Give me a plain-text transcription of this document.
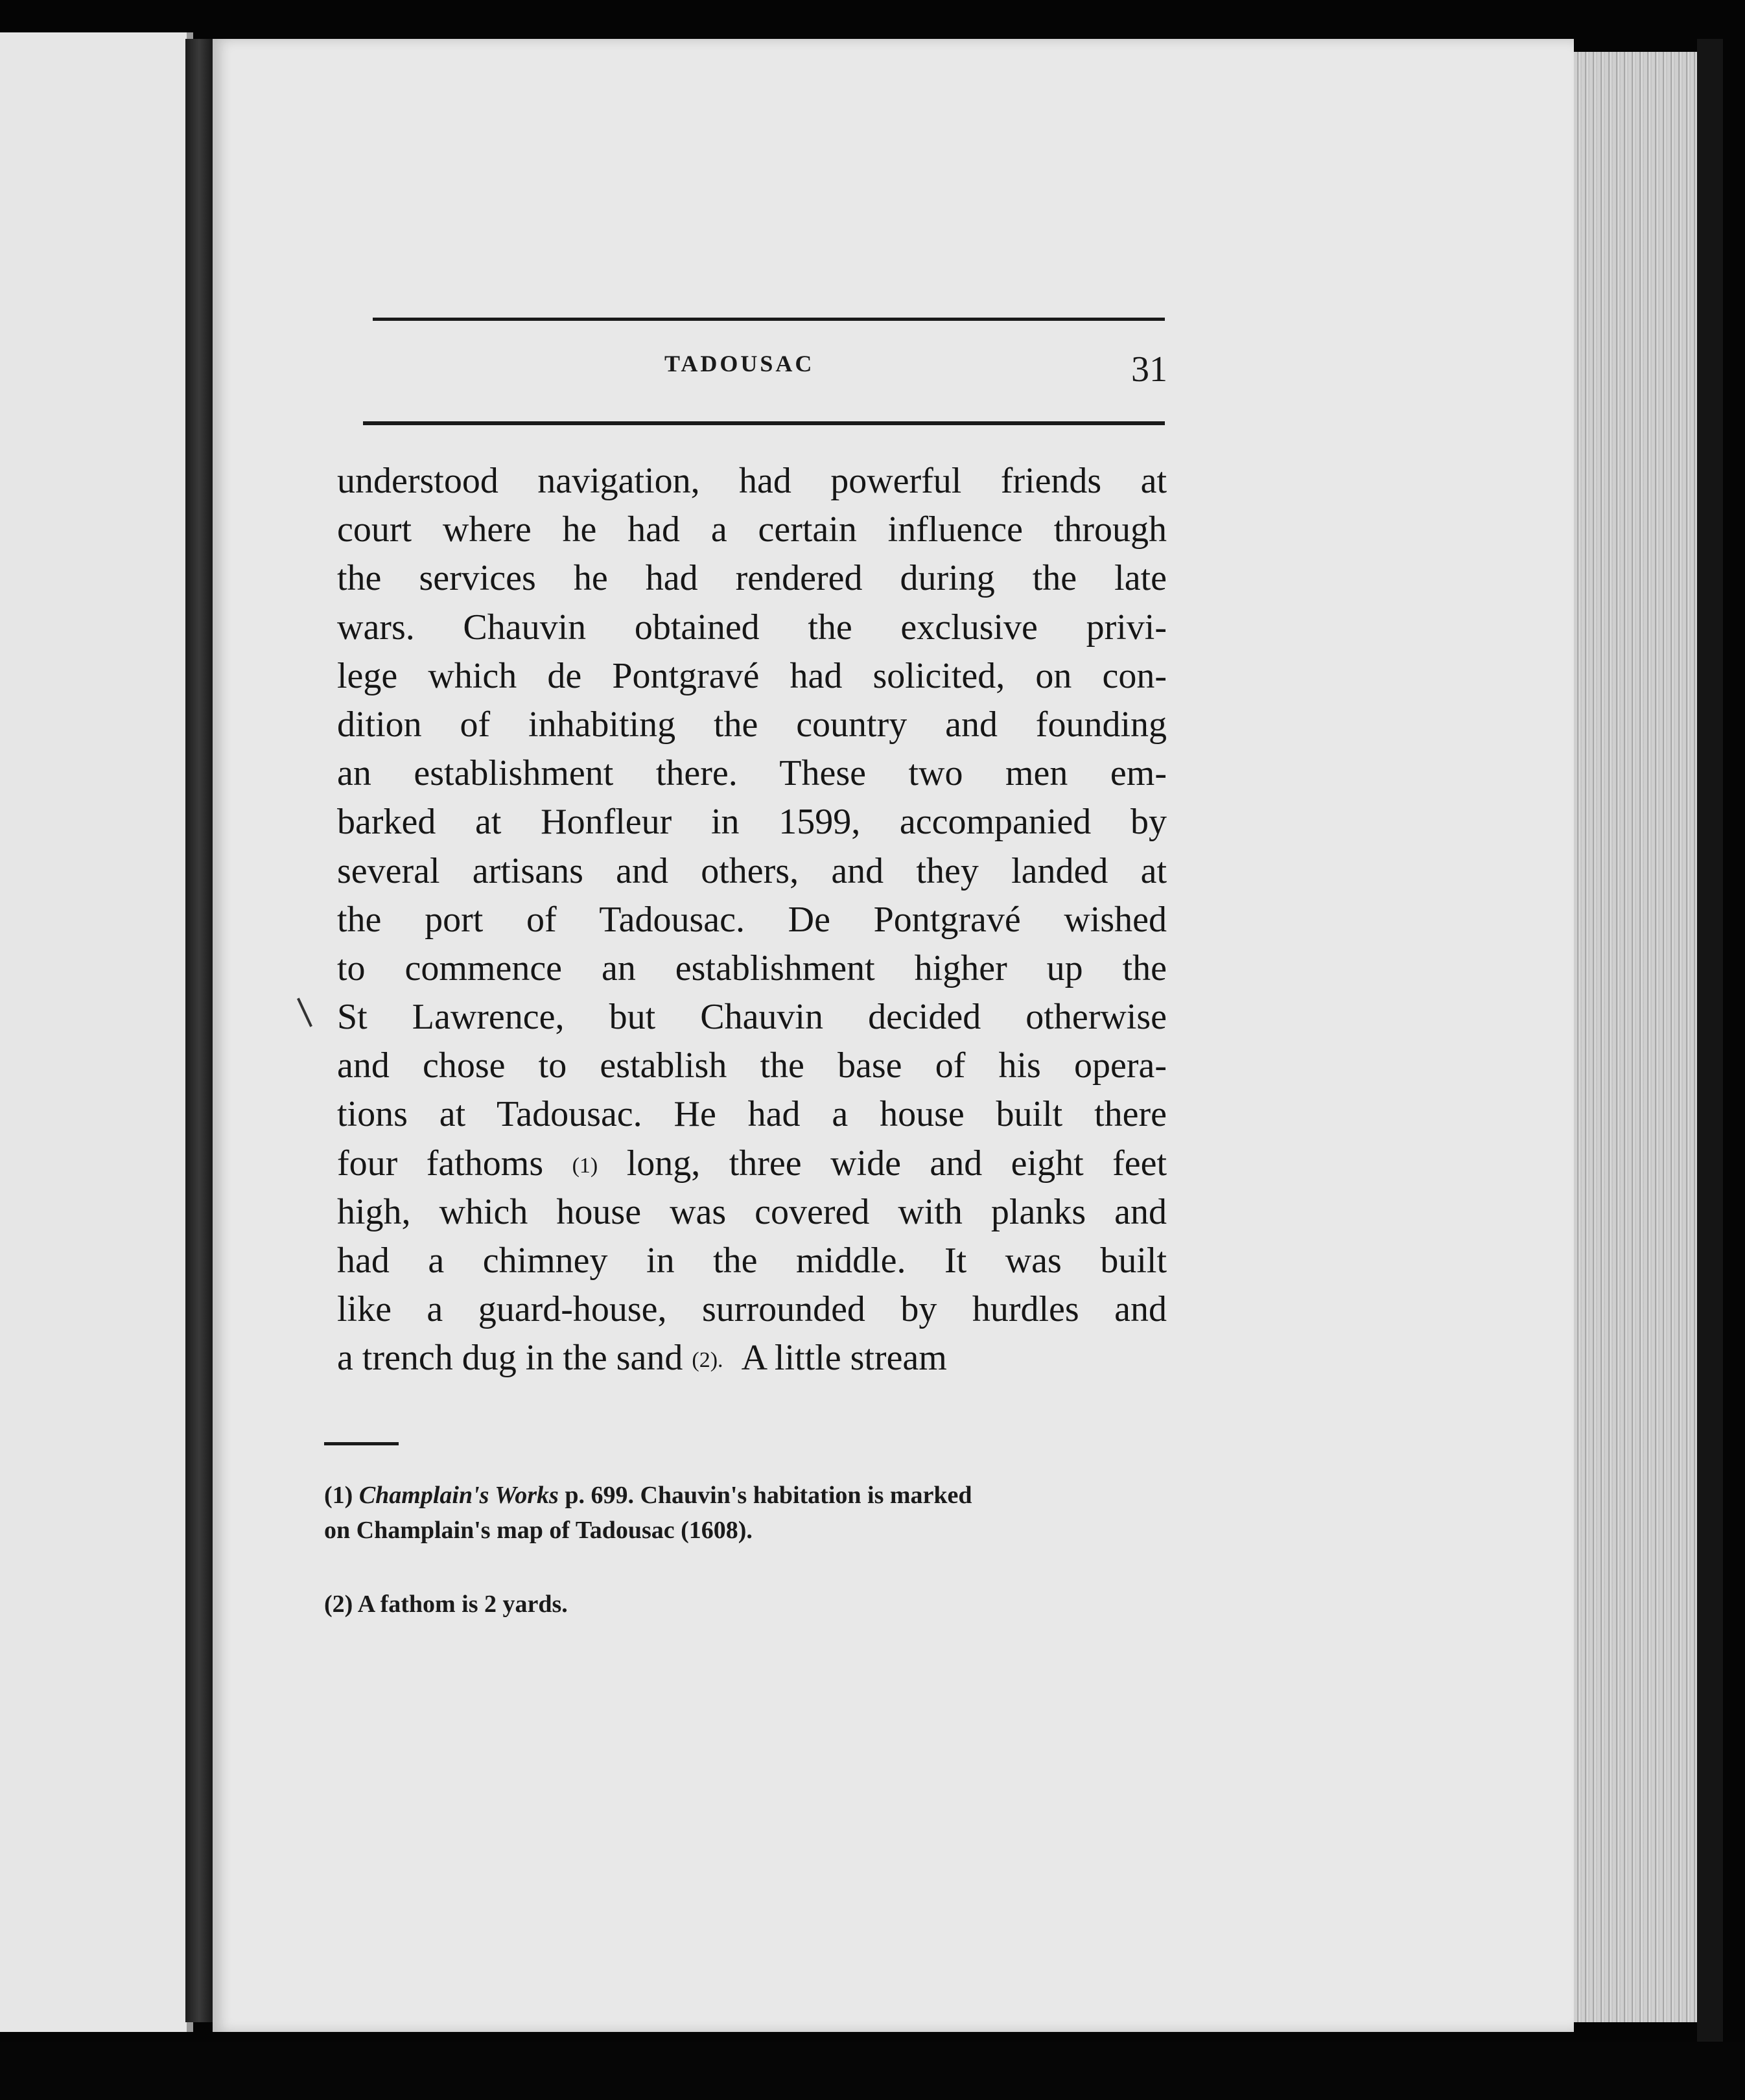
TADOUSAC	31
understood navigation, had powerful friends at
court where he had a certain influence through
the services he had rendered during the late
wars. Chauvin obtained the exclusive privi-
lege which de Pontgravé had solicited, on con-
dition of inhabiting the country and founding
an establishment there. These two men em-
barked at Honfleur in 1599, accompanied by
several artisans and others, and they landed at
the port of Tadousac. De Pontgravé wished
to commence an establishment higher up the
St Lawrence, but Chauvin decided otherwise
and chose to establish the base of his opera-
tions at Tadousac. He had a house built there
four fathoms (1) long, three wide and eight feet
high, which house was covered with planks and
had a chimney in the middle. It was built
like a guard-house, surrounded by hurdles and
a trench dug in the sand (2). A little stream
(1) Champlain's Works p. 699. Chauvin's habitation is marked
on Champlain's map of Tadousac (1608).
(2) A fathom is 2 yards.
